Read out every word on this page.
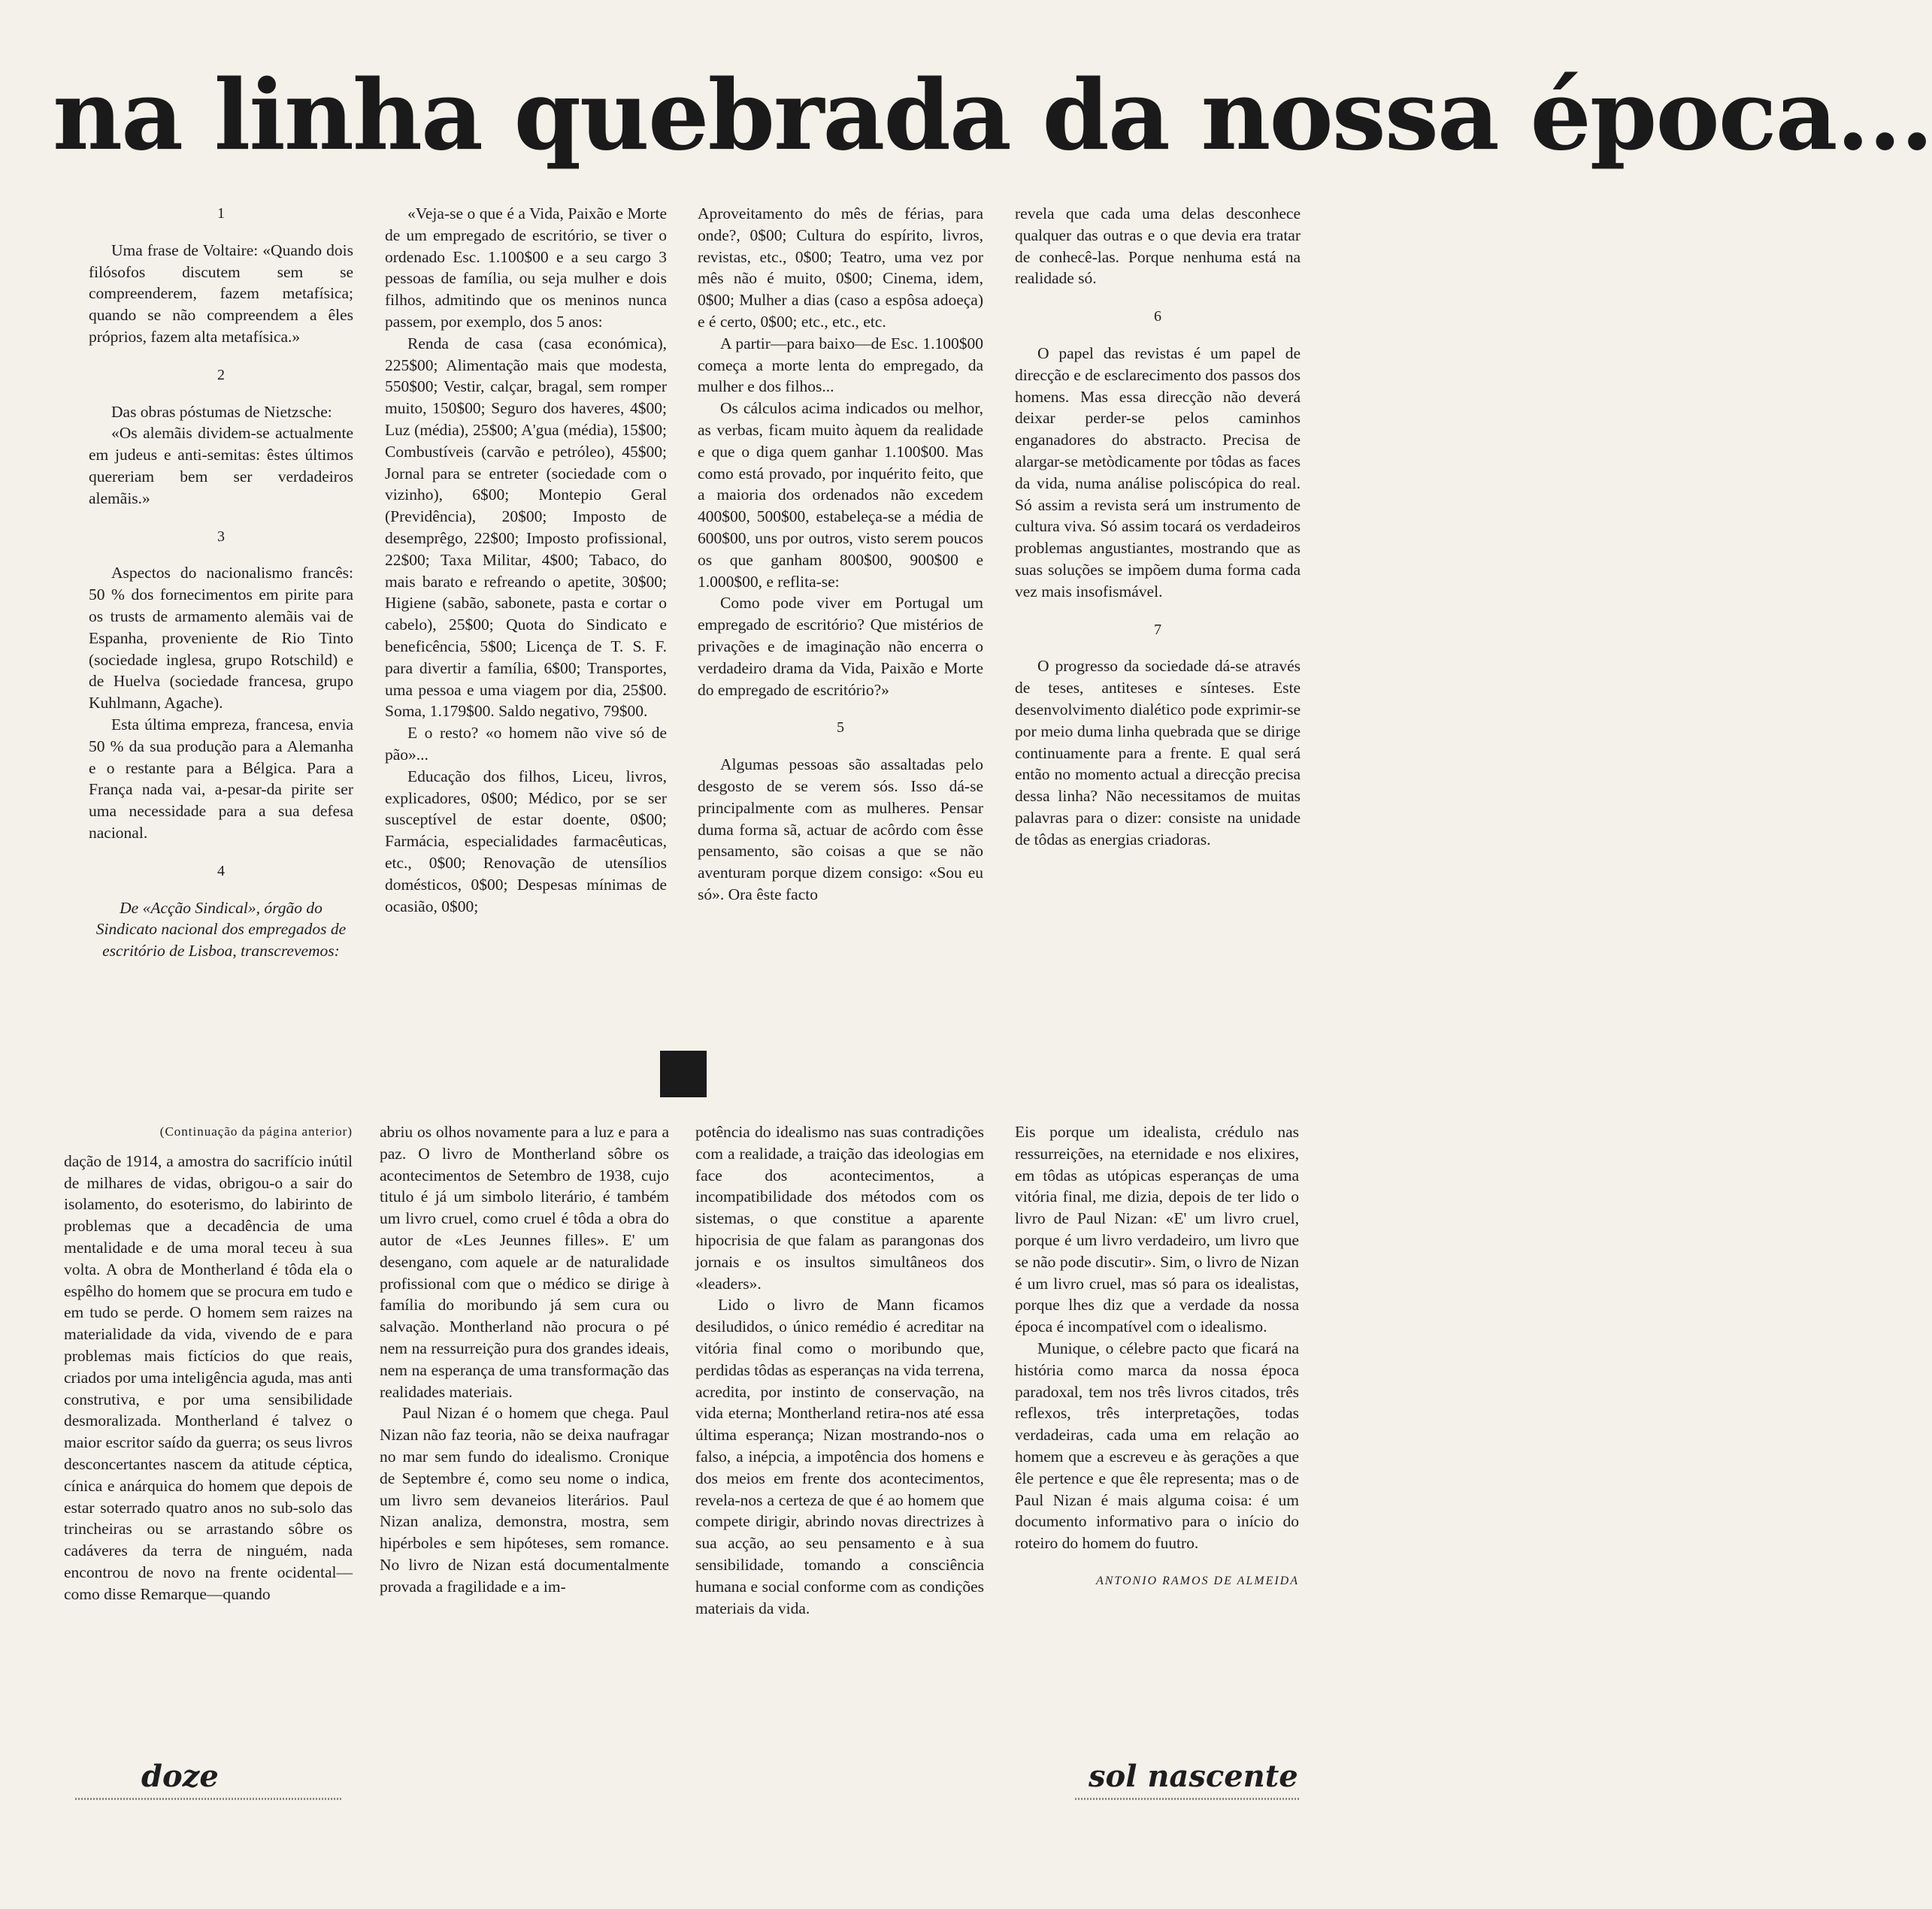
na linha quebrada da nossa época...

1

Uma frase de Voltaire: «Quando dois filósofos discutem sem se compreenderem, fazem metafísica; quando se não compreendem a êles próprios, fazem alta metafísica.»

2

Das obras póstumas de Nietzsche:

«Os alemãis dividem-se actualmente em judeus e anti-semitas: êstes últimos quereriam bem ser verdadeiros alemãis.»

3

Aspectos do nacionalismo francês: 50 % dos fornecimentos em pirite para os trusts de armamento alemãis vai de Espanha, proveniente de Rio Tinto (sociedade inglesa, grupo Rotschild) e de Huelva (sociedade francesa, grupo Kuhlmann, Agache).

Esta última empreza, francesa, envia 50 % da sua produção para a Alemanha e o restante para a Bélgica. Para a França nada vai, a-pesar-da pirite ser uma necessidade para a sua defesa nacional.

4

De «Acção Sindical», órgão do Sindicato nacional dos empregados de escritório de Lisboa, transcrevemos:

«Veja-se o que é a Vida, Paixão e Morte de um empregado de escritório, se tiver o ordenado Esc. 1.100$00 e a seu cargo 3 pessoas de família, ou seja mulher e dois filhos, admitindo que os meninos nunca passem, por exemplo, dos 5 anos:

Renda de casa (casa económica), 225$00; Alimentação mais que modesta, 550$00; Vestir, calçar, bragal, sem romper muito, 150$00; Seguro dos haveres, 4$00; Luz (média), 25$00; A'gua (média), 15$00; Combustíveis (carvão e petróleo), 45$00; Jornal para se entreter (sociedade com o vizinho), 6$00; Montepio Geral (Previdência), 20$00; Imposto de desemprêgo, 22$00; Imposto profissional, 22$00; Taxa Militar, 4$00; Tabaco, do mais barato e refreando o apetite, 30$00; Higiene (sabão, sabonete, pasta e cortar o cabelo), 25$00; Quota do Sindicato e beneficência, 5$00; Licença de T. S. F. para divertir a família, 6$00; Transportes, uma pessoa e uma viagem por dia, 25$00. Soma, 1.179$00. Saldo negativo, 79$00.

E o resto? «o homem não vive só de pão»...

Educação dos filhos, Liceu, livros, explicadores, 0$00; Médico, por se ser susceptível de estar doente, 0$00; Farmácia, especialidades farmacêuticas, etc., 0$00; Renovação de utensílios domésticos, 0$00; Despesas mínimas de ocasião, 0$00;

Aproveitamento do mês de férias, para onde?, 0$00; Cultura do espírito, livros, revistas, etc., 0$00; Teatro, uma vez por mês não é muito, 0$00; Cinema, idem, 0$00; Mulher a dias (caso a espôsa adoeça) e é certo, 0$00; etc., etc., etc.

A partir—para baixo—de Esc. 1.100$00 começa a morte lenta do empregado, da mulher e dos filhos...

Os cálculos acima indicados ou melhor, as verbas, ficam muito àquem da realidade e que o diga quem ganhar 1.100$00. Mas como está provado, por inquérito feito, que a maioria dos ordenados não excedem 400$00, 500$00, estabeleça-se a média de 600$00, uns por outros, visto serem poucos os que ganham 800$00, 900$00 e 1.000$00, e reflita-se:

Como pode viver em Portugal um empregado de escritório? Que mistérios de privações e de imaginação não encerra o verdadeiro drama da Vida, Paixão e Morte do empregado de escritório?»

5

Algumas pessoas são assaltadas pelo desgosto de se verem sós. Isso dá-se principalmente com as mulheres. Pensar duma forma sã, actuar de acôrdo com êsse pensamento, são coisas a que se não aventuram porque dizem consigo: «Sou eu só». Ora êste facto

revela que cada uma delas desconhece qualquer das outras e o que devia era tratar de conhecê-las. Porque nenhuma está na realidade só.

6

O papel das revistas é um papel de direcção e de esclarecimento dos passos dos homens. Mas essa direcção não deverá deixar perder-se pelos caminhos enganadores do abstracto. Precisa de alargar-se metòdicamente por tôdas as faces da vida, numa análise poliscópica do real. Só assim a revista será um instrumento de cultura viva. Só assim tocará os verdadeiros problemas angustiantes, mostrando que as suas soluções se impõem duma forma cada vez mais insofismável.

7

O progresso da sociedade dá-se através de teses, antiteses e sínteses. Este desenvolvimento dialético pode exprimir-se por meio duma linha quebrada que se dirige continuamente para a frente. E qual será então no momento actual a direcção precisa dessa linha? Não necessitamos de muitas palavras para o dizer: consiste na unidade de tôdas as energias criadoras.

(Continuação da página anterior)

dação de 1914, a amostra do sacrifício inútil de milhares de vidas, obrigou-o a sair do isolamento, do esoterismo, do labirinto de problemas que a decadência de uma mentalidade e de uma moral teceu à sua volta. A obra de Montherland é tôda ela o espêlho do homem que se procura em tudo e em tudo se perde. O homem sem raizes na materialidade da vida, vivendo de e para problemas mais fictícios do que reais, criados por uma inteligência aguda, mas anti construtiva, e por uma sensibilidade desmoralizada. Montherland é talvez o maior escritor saído da guerra; os seus livros desconcertantes nascem da atitude céptica, cínica e anárquica do homem que depois de estar soterrado quatro anos no sub-solo das trincheiras ou se arrastando sôbre os cadáveres da terra de ninguém, nada encontrou de novo na frente ocidental—como disse Remarque—quando

abriu os olhos novamente para a luz e para a paz. O livro de Montherland sôbre os acontecimentos de Setembro de 1938, cujo titulo é já um simbolo literário, é também um livro cruel, como cruel é tôda a obra do autor de «Les Jeunnes filles». E' um desengano, com aquele ar de naturalidade profissional com que o médico se dirige à família do moribundo já sem cura ou salvação. Montherland não procura o pé nem na ressurreição pura dos grandes ideais, nem na esperança de uma transformação das realidades materiais.

Paul Nizan é o homem que chega. Paul Nizan não faz teoria, não se deixa naufragar no mar sem fundo do idealismo. Cronique de Septembre é, como seu nome o indica, um livro sem devaneios literários. Paul Nizan analiza, demonstra, mostra, sem hipérboles e sem hipóteses, sem romance. No livro de Nizan está documentalmente provada a fragilidade e a im-

potência do idealismo nas suas contradições com a realidade, a traição das ideologias em face dos acontecimentos, a incompatibilidade dos métodos com os sistemas, o que constitue a aparente hipocrisia de que falam as parangonas dos jornais e os insultos simultâneos dos «leaders».

Lido o livro de Mann ficamos desiludidos, o único remédio é acreditar na vitória final como o moribundo que, perdidas tôdas as esperanças na vida terrena, acredita, por instinto de conservação, na vida eterna; Montherland retira-nos até essa última esperança; Nizan mostrando-nos o falso, a inépcia, a impotência dos homens e dos meios em frente dos acontecimentos, revela-nos a certeza de que é ao homem que compete dirigir, abrindo novas directrizes à sua acção, ao seu pensamento e à sua sensibilidade, tomando a consciência humana e social conforme com as condições materiais da vida.

Eis porque um idealista, crédulo nas ressurreições, na eternidade e nos elixires, em tôdas as utópicas esperanças de uma vitória final, me dizia, depois de ter lido o livro de Paul Nizan: «E' um livro cruel, porque é um livro verdadeiro, um livro que se não pode discutir». Sim, o livro de Nizan é um livro cruel, mas só para os idealistas, porque lhes diz que a verdade da nossa época é incompatível com o idealismo.

Munique, o célebre pacto que ficará na história como marca da nossa época paradoxal, tem nos três livros citados, três reflexos, três interpretações, todas verdadeiras, cada uma em relação ao homem que a escreveu e às gerações a que êle pertence e que êle representa; mas o de Paul Nizan é mais alguma coisa: é um documento informativo para o início do roteiro do homem do fuutro.

ANTONIO RAMOS DE ALMEIDA

doze	sol nascente
